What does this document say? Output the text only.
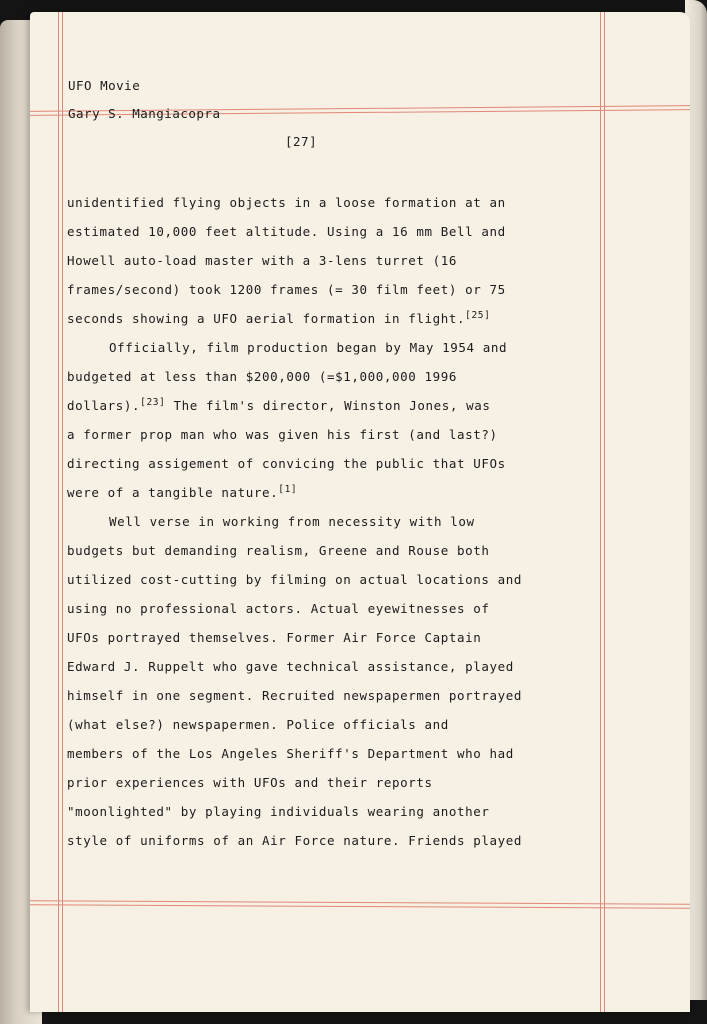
UFO Movie
Gary S. Mangiacopra
[27]
unidentified flying objects in a loose formation at an
estimated 10,000 feet altitude. Using a 16 mm Bell and
Howell auto-load master with a 3-lens turret (16
frames/second) took 1200 frames (= 30 film feet) or 75
seconds showing a UFO aerial formation in flight.[25]
Officially, film production began by May 1954 and
budgeted at less than $200,000 (=$1,000,000 1996
dollars).[23] The film's director, Winston Jones, was
a former prop man who was given his first (and last?)
directing assigement of convicing the public that UFOs
were of a tangible nature.[1]
Well verse in working from necessity with low
budgets but demanding realism, Greene and Rouse both
utilized cost-cutting by filming on actual locations and
using no professional actors. Actual eyewitnesses of
UFOs portrayed themselves. Former Air Force Captain
Edward J. Ruppelt who gave technical assistance, played
himself in one segment. Recruited newspapermen portrayed
(what else?) newspapermen. Police officials and
members of the Los Angeles Sheriff's Department who had
prior experiences with UFOs and their reports
"moonlighted" by playing individuals wearing another
style of uniforms of an Air Force nature. Friends played
